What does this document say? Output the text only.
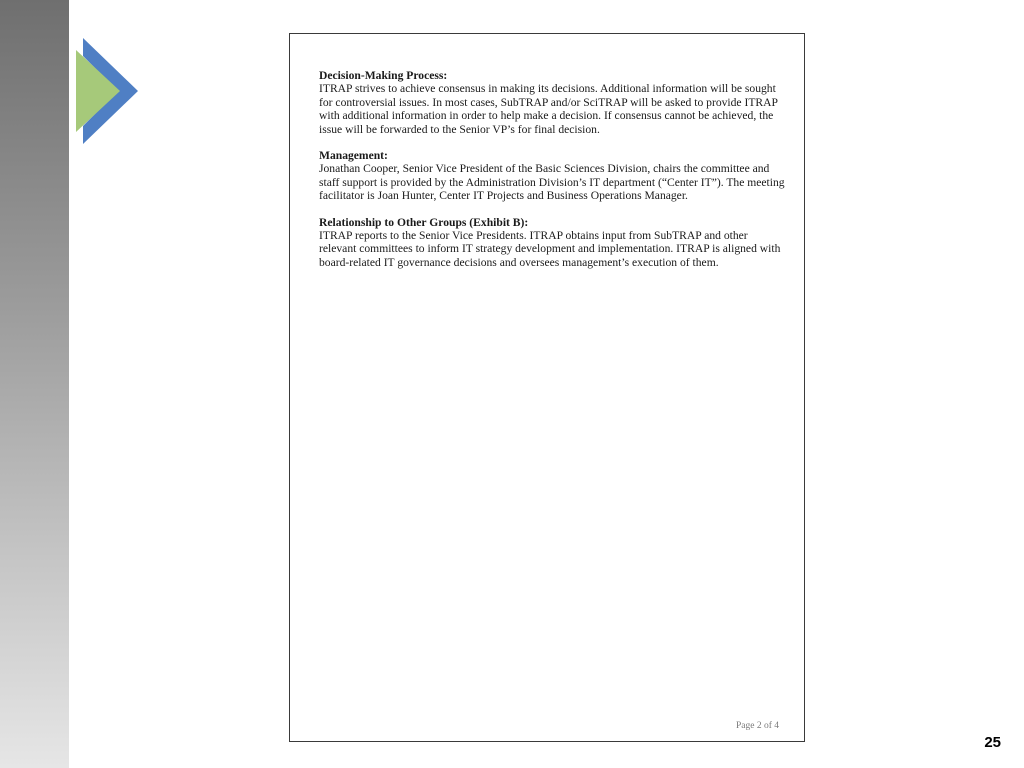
Decision-Making Process:
ITRAP strives to achieve consensus in making its decisions. Additional information will be sought for controversial issues. In most cases, SubTRAP and/or SciTRAP will be asked to provide ITRAP with additional information in order to help make a decision. If consensus cannot be achieved, the issue will be forwarded to the Senior VP’s for final decision.
Management:
Jonathan Cooper, Senior Vice President of the Basic Sciences Division, chairs the committee and staff support is provided by the Administration Division’s IT department (“Center IT”). The meeting facilitator is Joan Hunter, Center IT Projects and Business Operations Manager.
Relationship to Other Groups (Exhibit B):
ITRAP reports to the Senior Vice Presidents. ITRAP obtains input from SubTRAP and other relevant committees to inform IT strategy development and implementation. ITRAP is aligned with board-related IT governance decisions and oversees management’s execution of them.
Page 2 of 4
25
